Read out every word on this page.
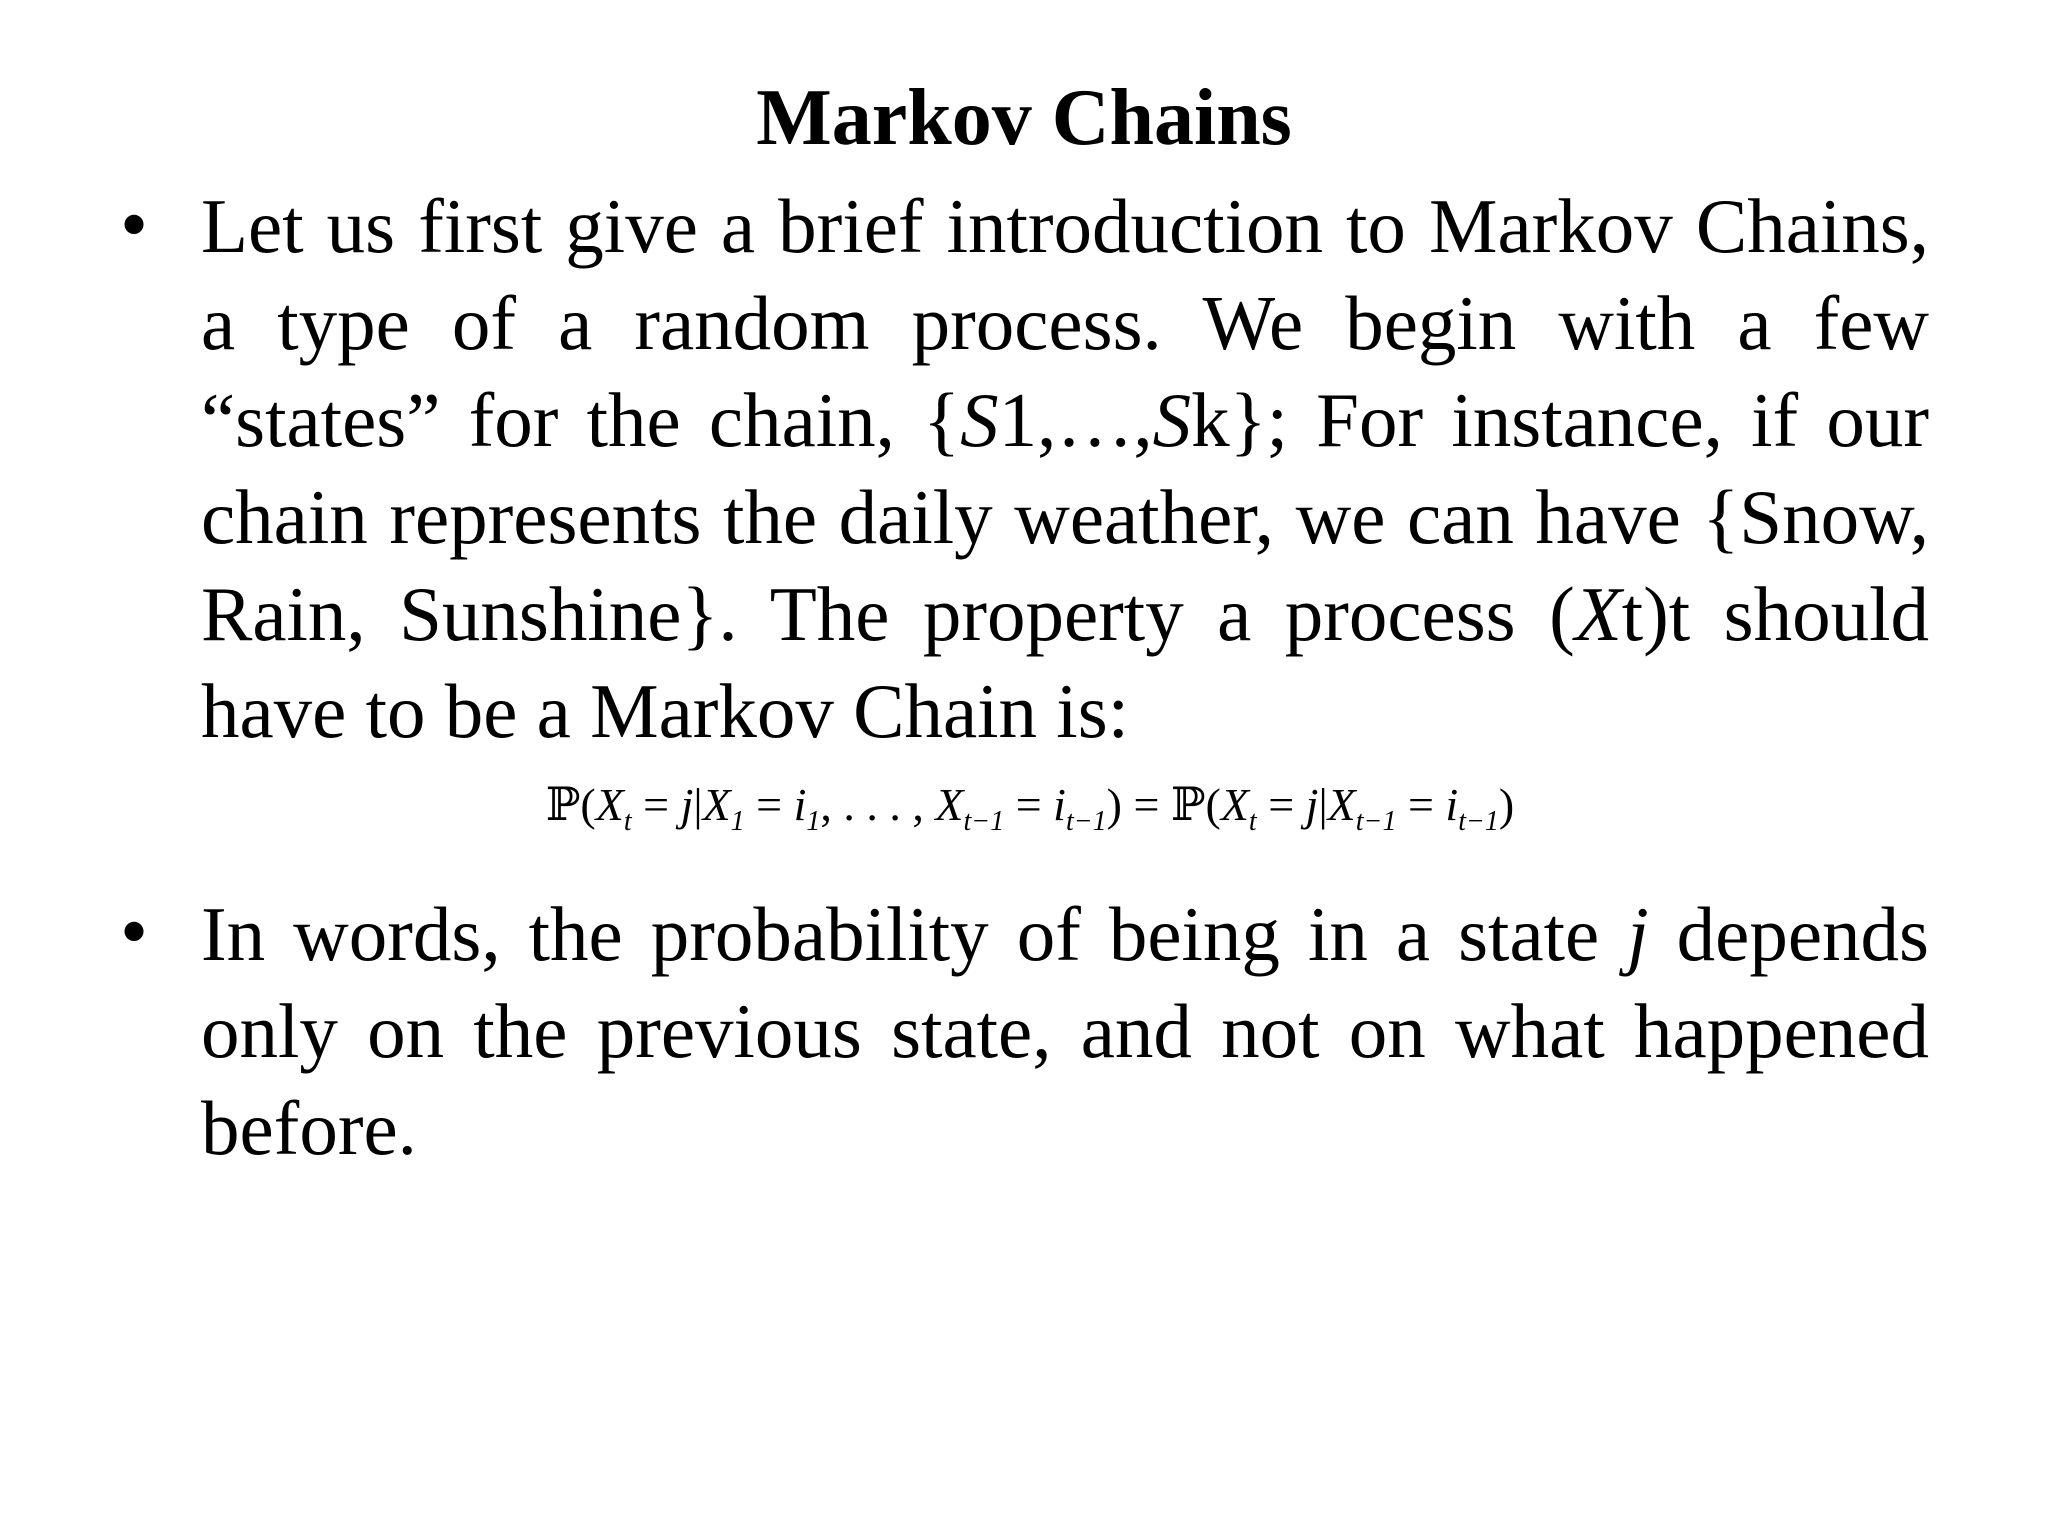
Markov Chains
• Let us first give a brief introduction to Markov Chains, a type of a random process. We begin with a few “states” for the chain, {S1,…,Sk}; For instance, if our chain represents the daily weather, we can have {Snow, Rain, Sunshine}. The property a process (Xt)t should have to be a Markov Chain is:
$ℙ(X_t = j|X_1 = i_1$, . . . , $X_{t-1} = i_{t-1}$) = $ℙ(X_t = j|X_{t-1} = i_{t-1})$
• In words, the probability of being in a state j depends only on the previous state, and not on what happened before.
